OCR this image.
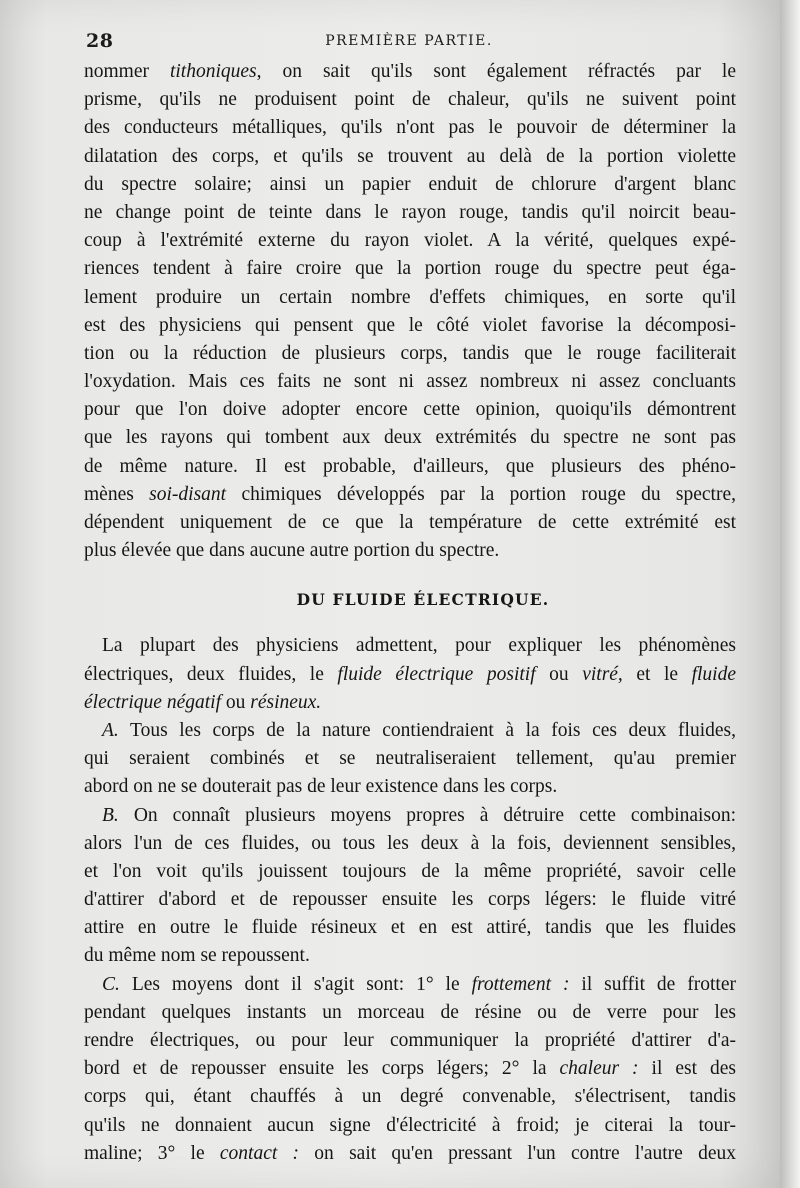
28	PREMIÈRE PARTIE.
nommer tithoniques, on sait qu'ils sont également réfractés par le
prisme, qu'ils ne produisent point de chaleur, qu'ils ne suivent point
des conducteurs métalliques, qu'ils n'ont pas le pouvoir de déterminer la
dilatation des corps, et qu'ils se trouvent au delà de la portion violette
du spectre solaire; ainsi un papier enduit de chlorure d'argent blanc
ne change point de teinte dans le rayon rouge, tandis qu'il noircit beau-
coup à l'extrémité externe du rayon violet. A la vérité, quelques expé-
riences tendent à faire croire que la portion rouge du spectre peut éga-
lement produire un certain nombre d'effets chimiques, en sorte qu'il
est des physiciens qui pensent que le côté violet favorise la décomposi-
tion ou la réduction de plusieurs corps, tandis que le rouge faciliterait
l'oxydation. Mais ces faits ne sont ni assez nombreux ni assez concluants
pour que l'on doive adopter encore cette opinion, quoiqu'ils démontrent
que les rayons qui tombent aux deux extrémités du spectre ne sont pas
de même nature. Il est probable, d'ailleurs, que plusieurs des phéno-
mènes soi-disant chimiques développés par la portion rouge du spectre,
dépendent uniquement de ce que la température de cette extrémité est
plus élevée que dans aucune autre portion du spectre.
DU FLUIDE ÉLECTRIQUE.
La plupart des physiciens admettent, pour expliquer les phénomènes
électriques, deux fluides, le fluide électrique positif ou vitré, et le fluide
électrique négatif ou résineux.
A. Tous les corps de la nature contiendraient à la fois ces deux fluides,
qui seraient combinés et se neutraliseraient tellement, qu'au premier
abord on ne se douterait pas de leur existence dans les corps.
B. On connaît plusieurs moyens propres à détruire cette combinaison:
alors l'un de ces fluides, ou tous les deux à la fois, deviennent sensibles,
et l'on voit qu'ils jouissent toujours de la même propriété, savoir celle
d'attirer d'abord et de repousser ensuite les corps légers: le fluide vitré
attire en outre le fluide résineux et en est attiré, tandis que les fluides
du même nom se repoussent.
C. Les moyens dont il s'agit sont: 1° le frottement : il suffit de frotter
pendant quelques instants un morceau de résine ou de verre pour les
rendre électriques, ou pour leur communiquer la propriété d'attirer d'a-
bord et de repousser ensuite les corps légers; 2° la chaleur : il est des
corps qui, étant chauffés à un degré convenable, s'électrisent, tandis
qu'ils ne donnaient aucun signe d'électricité à froid; je citerai la tour-
maline; 3° le contact : on sait qu'en pressant l'un contre l'autre deux
